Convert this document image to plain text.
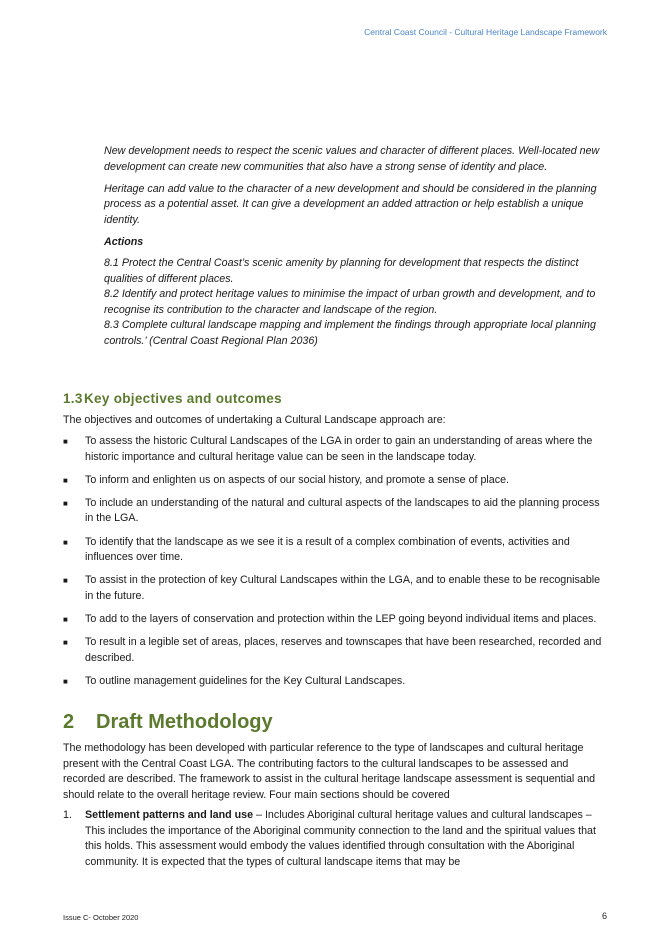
Central Coast Council - Cultural Heritage Landscape Framework

New development needs to respect the scenic values and character of different places. Well-located new development can create new communities that also have a strong sense of identity and place.

Heritage can add value to the character of a new development and should be considered in the planning process as a potential asset. It can give a development an added attraction or help establish a unique identity.

Actions

8.1 Protect the Central Coast’s scenic amenity by planning for development that respects the distinct qualities of different places.

8.2 Identify and protect heritage values to minimise the impact of urban growth and development, and to recognise its contribution to the character and landscape of the region.

8.3 Complete cultural landscape mapping and implement the findings through appropriate local planning controls.’ (Central Coast Regional Plan 2036)

1.3Key objectives and outcomes

The objectives and outcomes of undertaking a Cultural Landscape approach are:

■ To assess the historic Cultural Landscapes of the LGA in order to gain an understanding of areas where the historic importance and cultural heritage value can be seen in the landscape today.
■ To inform and enlighten us on aspects of our social history, and promote a sense of place.
■ To include an understanding of the natural and cultural aspects of the landscapes to aid the planning process in the LGA.
■ To identify that the landscape as we see it is a result of a complex combination of events, activities and influences over time.
■ To assist in the protection of key Cultural Landscapes within the LGA, and to enable these to be recognisable in the future.
■ To add to the layers of conservation and protection within the LEP going beyond individual items and places.
■ To result in a legible set of areas, places, reserves and townscapes that have been researched, recorded and described.
■ To outline management guidelines for the Key Cultural Landscapes.
2 Draft Methodology

The methodology has been developed with particular reference to the type of landscapes and cultural heritage present with the Central Coast LGA. The contributing factors to the cultural landscapes to be assessed and recorded are described. The framework to assist in the cultural heritage landscape assessment is sequential and should relate to the overall heritage review. Four main sections should be covered

1. Settlement patterns and land use – Includes Aboriginal cultural heritage values and cultural landscapes – This includes the importance of the Aboriginal community connection to the land and the spiritual values that this holds. This assessment would embody the values identified through consultation with the Aboriginal community. It is expected that the types of cultural landscape items that may be
Issue C- October 2020	6
